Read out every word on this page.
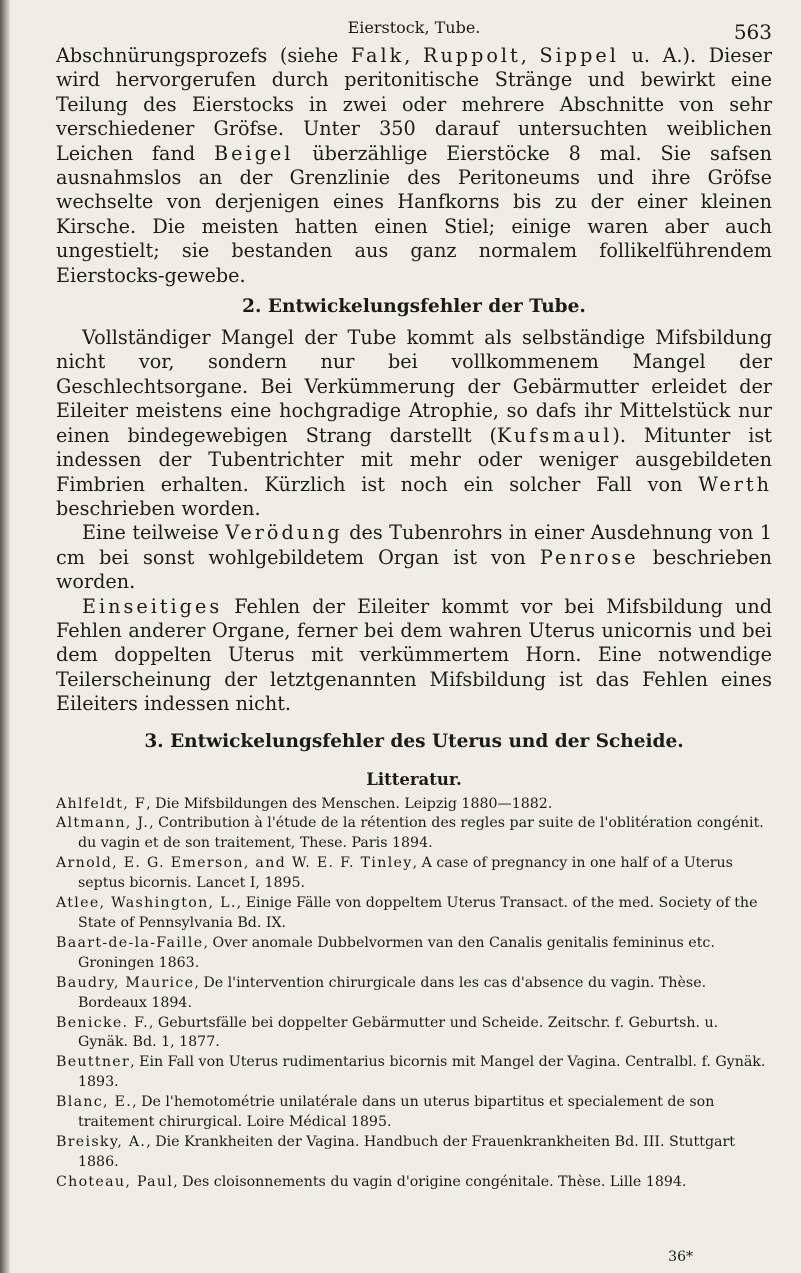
Eierstock, Tube.	563

Abschnürungsprozefs (siehe Falk, Ruppolt, Sippel u. A.). Dieser wird hervorgerufen durch peritonitische Stränge und bewirkt eine Teilung des Eierstocks in zwei oder mehrere Abschnitte von sehr verschiedener Gröfse. Unter 350 darauf untersuchten weiblichen Leichen fand Beigel überzählige Eierstöcke 8 mal. Sie safsen ausnahmslos an der Grenzlinie des Peritoneums und ihre Gröfse wechselte von derjenigen eines Hanfkorns bis zu der einer kleinen Kirsche. Die meisten hatten einen Stiel; einige waren aber auch ungestielt; sie bestanden aus ganz normalem follikelführendem Eierstocks-gewebe.

2. Entwickelungsfehler der Tube.

Vollständiger Mangel der Tube kommt als selbständige Mifsbildung nicht vor, sondern nur bei vollkommenem Mangel der Geschlechtsorgane. Bei Verkümmerung der Gebärmutter erleidet der Eileiter meistens eine hochgradige Atrophie, so dafs ihr Mittelstück nur einen bindegewebigen Strang darstellt (Kufsmaul). Mitunter ist indessen der Tubentrichter mit mehr oder weniger ausgebildeten Fimbrien erhalten. Kürzlich ist noch ein solcher Fall von Werth beschrieben worden.

Eine teilweise Verödung des Tubenrohrs in einer Ausdehnung von 1 cm bei sonst wohlgebildetem Organ ist von Penrose beschrieben worden.

Einseitiges Fehlen der Eileiter kommt vor bei Mifsbildung und Fehlen anderer Organe, ferner bei dem wahren Uterus unicornis und bei dem doppelten Uterus mit verkümmertem Horn. Eine notwendige Teilerscheinung der letztgenannten Mifsbildung ist das Fehlen eines Eileiters indessen nicht.

3. Entwickelungsfehler des Uterus und der Scheide.
Litteratur.
Ahlfeldt, F, Die Mifsbildungen des Menschen. Leipzig 1880—1882.
Altmann, J., Contribution à l'étude de la rétention des regles par suite de l'oblitération congénit. du vagin et de son traitement, These. Paris 1894.
Arnold, E. G. Emerson, and W. E. F. Tinley, A case of pregnancy in one half of a Uterus septus bicornis. Lancet I, 1895.
Atlee, Washington, L., Einige Fälle von doppeltem Uterus Transact. of the med. Society of the State of Pennsylvania Bd. IX.
Baart-de-la-Faille, Over anomale Dubbelvormen van den Canalis genitalis femininus etc. Groningen 1863.
Baudry, Maurice, De l'intervention chirurgicale dans les cas d'absence du vagin. Thèse. Bordeaux 1894.
Benicke. F., Geburtsfälle bei doppelter Gebärmutter und Scheide. Zeitschr. f. Geburtsh. u. Gynäk. Bd. 1, 1877.
Beuttner, Ein Fall von Uterus rudimentarius bicornis mit Mangel der Vagina. Centralbl. f. Gynäk. 1893.
Blanc, E., De l'hemotométrie unilatérale dans un uterus bipartitus et specialement de son traitement chirurgical. Loire Médical 1895.
Breisky, A., Die Krankheiten der Vagina. Handbuch der Frauenkrankheiten Bd. III. Stuttgart 1886.
Choteau, Paul, Des cloisonnements du vagin d'origine congénitale. Thèse. Lille 1894.
36*
